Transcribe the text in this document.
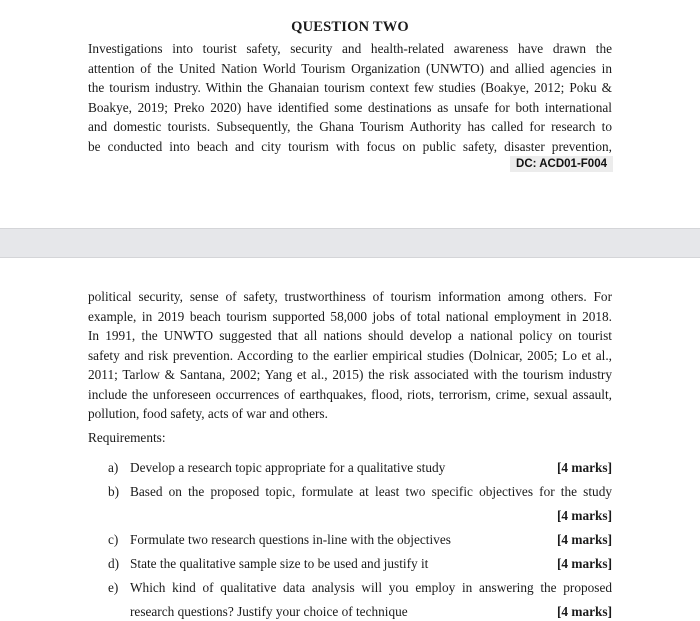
QUESTION TWO
Investigations into tourist safety, security and health-related awareness have drawn the
attention of the United Nation World Tourism Organization (UNWTO) and allied agencies in
the tourism industry. Within the Ghanaian tourism context few studies (Boakye, 2012; Poku &
Boakye, 2019; Preko 2020) have identified some destinations as unsafe for both international
and domestic tourists. Subsequently, the Ghana Tourism Authority has called for research to
be conducted into beach and city tourism with focus on public safety, disaster prevention,
DC: ACD01-F004
political security, sense of safety, trustworthiness of tourism information among others. For
example, in 2019 beach tourism supported 58,000 jobs of total national employment in 2018.
In 1991, the UNWTO suggested that all nations should develop a national policy on tourist
safety and risk prevention. According to the earlier empirical studies (Dolnicar, 2005; Lo et al.,
2011; Tarlow & Santana, 2002; Yang et al., 2015) the risk associated with the tourism industry
include the unforeseen occurrences of earthquakes, flood, riots, terrorism, crime, sexual assault,
pollution, food safety, acts of war and others.
Requirements:
a) Develop a research topic appropriate for a qualitative study	[4 marks]
b) Based on the proposed topic, formulate at least two specific objectives for the study
[4 marks]
c) Formulate two research questions in-line with the objectives	[4 marks]
d) State the qualitative sample size to be used and justify it	[4 marks]
e) Which kind of qualitative data analysis will you employ in answering the proposed
research questions? Justify your choice of technique	[4 marks]
